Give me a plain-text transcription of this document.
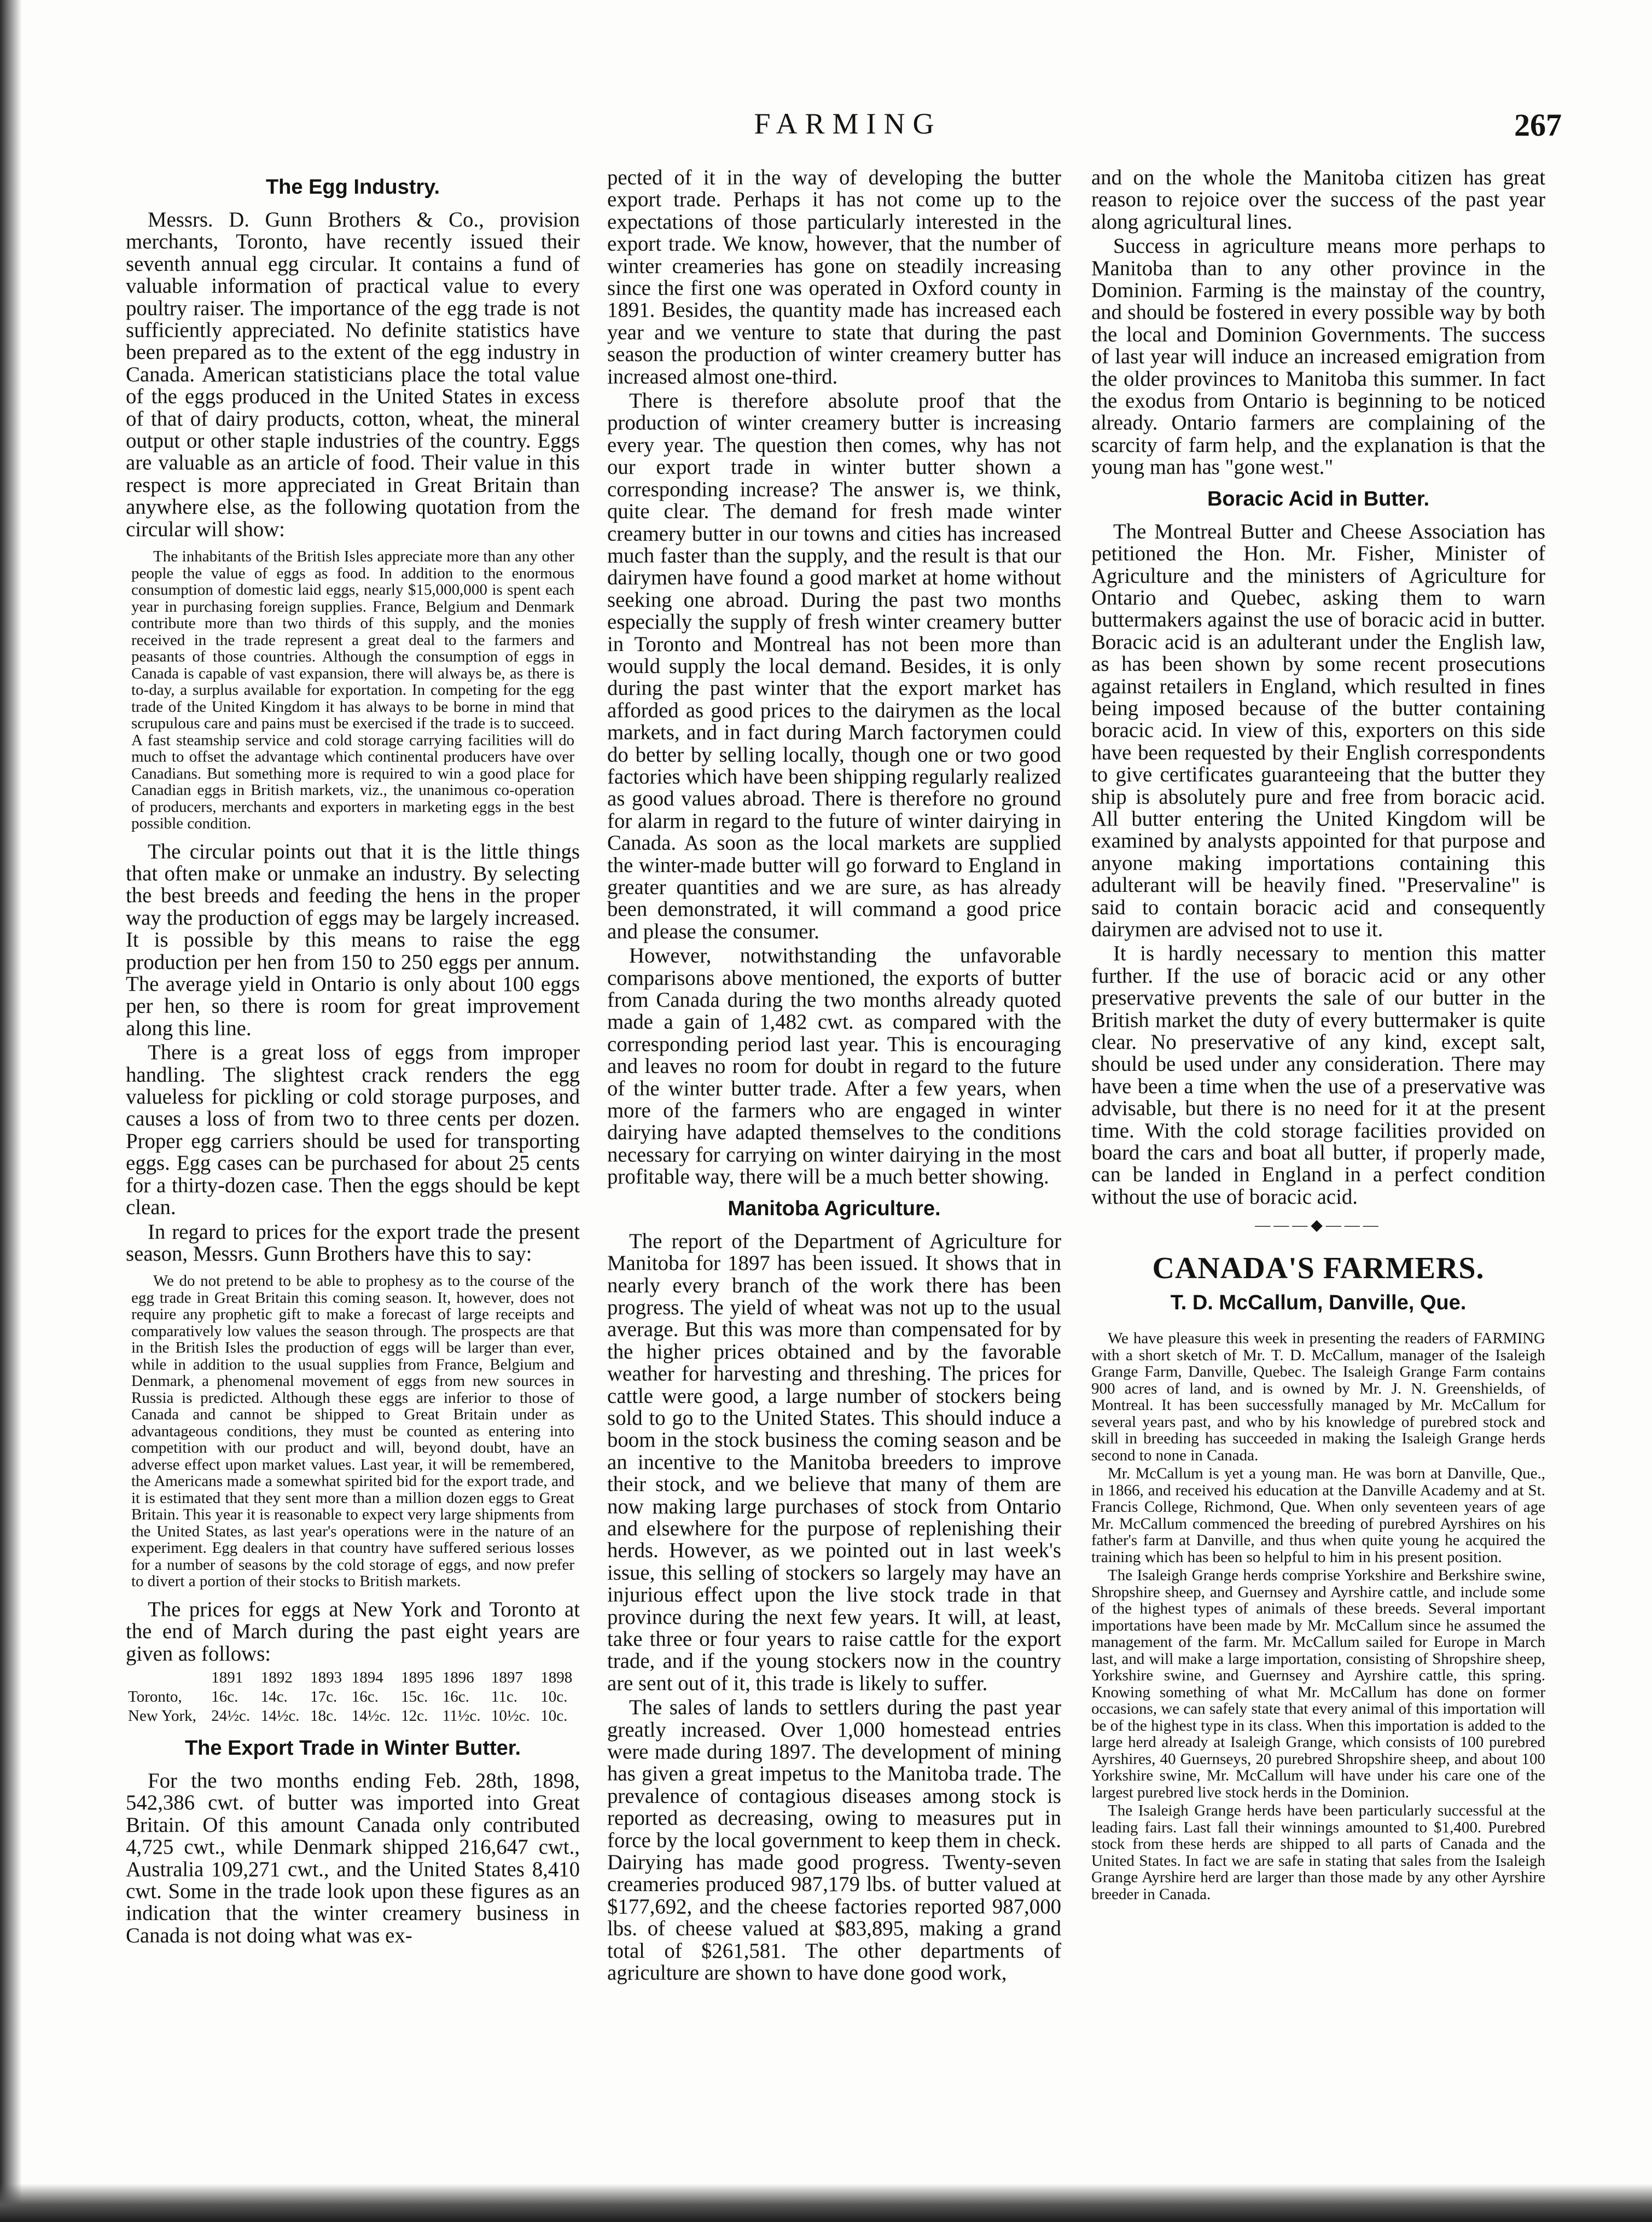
FARMING	267
The Egg Industry.

Messrs. D. Gunn Brothers & Co., provision merchants, Toronto, have recently issued their seventh annual egg circular. It contains a fund of valuable information of practical value to every poultry raiser. The importance of the egg trade is not sufficiently appreciated. No definite statistics have been prepared as to the extent of the egg industry in Canada. American statisticians place the total value of the eggs produced in the United States in excess of that of dairy products, cotton, wheat, the mineral output or other staple industries of the country. Eggs are valuable as an article of food. Their value in this respect is more appreciated in Great Britain than anywhere else, as the following quotation from the circular will show:

The inhabitants of the British Isles appreciate more than any other people the value of eggs as food. In addition to the enormous consumption of domestic laid eggs, nearly $15,000,000 is spent each year in purchasing foreign supplies. France, Belgium and Denmark contribute more than two thirds of this supply, and the monies received in the trade represent a great deal to the farmers and peasants of those countries. Although the consumption of eggs in Canada is capable of vast expansion, there will always be, as there is to-day, a surplus available for exportation. In competing for the egg trade of the United Kingdom it has always to be borne in mind that scrupulous care and pains must be exercised if the trade is to succeed. A fast steamship service and cold storage carrying facilities will do much to offset the advantage which continental producers have over Canadians. But something more is required to win a good place for Canadian eggs in British markets, viz., the unanimous co-operation of producers, merchants and exporters in marketing eggs in the best possible condition.

The circular points out that it is the little things that often make or unmake an industry. By selecting the best breeds and feeding the hens in the proper way the production of eggs may be largely increased. It is possible by this means to raise the egg production per hen from 150 to 250 eggs per annum. The average yield in Ontario is only about 100 eggs per hen, so there is room for great improvement along this line.

There is a great loss of eggs from improper handling. The slightest crack renders the egg valueless for pickling or cold storage purposes, and causes a loss of from two to three cents per dozen. Proper egg carriers should be used for transporting eggs. Egg cases can be purchased for about 25 cents for a thirty-dozen case. Then the eggs should be kept clean.

In regard to prices for the export trade the present season, Messrs. Gunn Brothers have this to say:

We do not pretend to be able to prophesy as to the course of the egg trade in Great Britain this coming season. It, however, does not require any prophetic gift to make a forecast of large receipts and comparatively low values the season through. The prospects are that in the British Isles the production of eggs will be larger than ever, while in addition to the usual supplies from France, Belgium and Denmark, a phenomenal movement of eggs from new sources in Russia is predicted. Although these eggs are inferior to those of Canada and cannot be shipped to Great Britain under as advantageous conditions, they must be counted as entering into competition with our product and will, beyond doubt, have an adverse effect upon market values. Last year, it will be remembered, the Americans made a somewhat spirited bid for the export trade, and it is estimated that they sent more than a million dozen eggs to Great Britain. This year it is reasonable to expect very large shipments from the United States, as last year's operations were in the nature of an experiment. Egg dealers in that country have suffered serious losses for a number of seasons by the cold storage of eggs, and now prefer to divert a portion of their stocks to British markets.

The prices for eggs at New York and Toronto at the end of March during the past eight years are given as follows:

	1891	1892	1893	1894	1895	1896	1897	1898
Toronto,	16c.	14c.	17c.	16c.	15c.	16c.	11c.	10c.
New York,	24½c.	14½c.	18c.	14½c.	12c.	11½c.	10½c.	10c.
The Export Trade in Winter Butter.

For the two months ending Feb. 28th, 1898, 542,386 cwt. of butter was imported into Great Britain. Of this amount Canada only contributed 4,725 cwt., while Denmark shipped 216,647 cwt., Australia 109,271 cwt., and the United States 8,410 cwt. Some in the trade look upon these figures as an indication that the winter creamery business in Canada is not doing what was ex-

pected of it in the way of developing the butter export trade. Perhaps it has not come up to the expectations of those particularly interested in the export trade. We know, however, that the number of winter creameries has gone on steadily increasing since the first one was operated in Oxford county in 1891. Besides, the quantity made has increased each year and we venture to state that during the past season the production of winter creamery butter has increased almost one-third.

There is therefore absolute proof that the production of winter creamery butter is increasing every year. The question then comes, why has not our export trade in winter butter shown a corresponding increase? The answer is, we think, quite clear. The demand for fresh made winter creamery butter in our towns and cities has increased much faster than the supply, and the result is that our dairymen have found a good market at home without seeking one abroad. During the past two months especially the supply of fresh winter creamery butter in Toronto and Montreal has not been more than would supply the local demand. Besides, it is only during the past winter that the export market has afforded as good prices to the dairymen as the local markets, and in fact during March factorymen could do better by selling locally, though one or two good factories which have been shipping regularly realized as good values abroad. There is therefore no ground for alarm in regard to the future of winter dairying in Canada. As soon as the local markets are supplied the winter-made butter will go forward to England in greater quantities and we are sure, as has already been demonstrated, it will command a good price and please the consumer.

However, notwithstanding the unfavorable comparisons above mentioned, the exports of butter from Canada during the two months already quoted made a gain of 1,482 cwt. as compared with the corresponding period last year. This is encouraging and leaves no room for doubt in regard to the future of the winter butter trade. After a few years, when more of the farmers who are engaged in winter dairying have adapted themselves to the conditions necessary for carrying on winter dairying in the most profitable way, there will be a much better showing.

Manitoba Agriculture.

The report of the Department of Agriculture for Manitoba for 1897 has been issued. It shows that in nearly every branch of the work there has been progress. The yield of wheat was not up to the usual average. But this was more than compensated for by the higher prices obtained and by the favorable weather for harvesting and threshing. The prices for cattle were good, a large number of stockers being sold to go to the United States. This should induce a boom in the stock business the coming season and be an incentive to the Manitoba breeders to improve their stock, and we believe that many of them are now making large purchases of stock from Ontario and elsewhere for the purpose of replenishing their herds. However, as we pointed out in last week's issue, this selling of stockers so largely may have an injurious effect upon the live stock trade in that province during the next few years. It will, at least, take three or four years to raise cattle for the export trade, and if the young stockers now in the country are sent out of it, this trade is likely to suffer.

The sales of lands to settlers during the past year greatly increased. Over 1,000 homestead entries were made during 1897. The development of mining has given a great impetus to the Manitoba trade. The prevalence of contagious diseases among stock is reported as decreasing, owing to measures put in force by the local government to keep them in check. Dairying has made good progress. Twenty-seven creameries produced 987,179 lbs. of butter valued at $177,692, and the cheese factories reported 987,000 lbs. of cheese valued at $83,895, making a grand total of $261,581. The other departments of agriculture are shown to have done good work,

and on the whole the Manitoba citizen has great reason to rejoice over the success of the past year along agricultural lines.

Success in agriculture means more perhaps to Manitoba than to any other province in the Dominion. Farming is the mainstay of the country, and should be fostered in every possible way by both the local and Dominion Governments. The success of last year will induce an increased emigration from the older provinces to Manitoba this summer. In fact the exodus from Ontario is beginning to be noticed already. Ontario farmers are complaining of the scarcity of farm help, and the explanation is that the young man has "gone west."

Boracic Acid in Butter.

The Montreal Butter and Cheese Association has petitioned the Hon. Mr. Fisher, Minister of Agriculture and the ministers of Agriculture for Ontario and Quebec, asking them to warn buttermakers against the use of boracic acid in butter. Boracic acid is an adulterant under the English law, as has been shown by some recent prosecutions against retailers in England, which resulted in fines being imposed because of the butter containing boracic acid. In view of this, exporters on this side have been requested by their English correspondents to give certificates guaranteeing that the butter they ship is absolutely pure and free from boracic acid. All butter entering the United Kingdom will be examined by analysts appointed for that purpose and anyone making importations containing this adulterant will be heavily fined. "Preservaline" is said to contain boracic acid and consequently dairymen are advised not to use it.

It is hardly necessary to mention this matter further. If the use of boracic acid or any other preservative prevents the sale of our butter in the British market the duty of every buttermaker is quite clear. No preservative of any kind, except salt, should be used under any consideration. There may have been a time when the use of a preservative was advisable, but there is no need for it at the present time. With the cold storage facilities provided on board the cars and boat all butter, if properly made, can be landed in England in a perfect condition without the use of boracic acid.

———◆———
CANADA'S FARMERS.
T. D. McCallum, Danville, Que.

We have pleasure this week in presenting the readers of FARMING with a short sketch of Mr. T. D. McCallum, manager of the Isaleigh Grange Farm, Danville, Quebec. The Isaleigh Grange Farm contains 900 acres of land, and is owned by Mr. J. N. Greenshields, of Montreal. It has been successfully managed by Mr. McCallum for several years past, and who by his knowledge of purebred stock and skill in breeding has succeeded in making the Isaleigh Grange herds second to none in Canada.

Mr. McCallum is yet a young man. He was born at Danville, Que., in 1866, and received his education at the Danville Academy and at St. Francis College, Richmond, Que. When only seventeen years of age Mr. McCallum commenced the breeding of purebred Ayrshires on his father's farm at Danville, and thus when quite young he acquired the training which has been so helpful to him in his present position.

The Isaleigh Grange herds comprise Yorkshire and Berkshire swine, Shropshire sheep, and Guernsey and Ayrshire cattle, and include some of the highest types of animals of these breeds. Several important importations have been made by Mr. McCallum since he assumed the management of the farm. Mr. McCallum sailed for Europe in March last, and will make a large importation, consisting of Shropshire sheep, Yorkshire swine, and Guernsey and Ayrshire cattle, this spring. Knowing something of what Mr. McCallum has done on former occasions, we can safely state that every animal of this importation will be of the highest type in its class. When this importation is added to the large herd already at Isaleigh Grange, which consists of 100 purebred Ayrshires, 40 Guernseys, 20 purebred Shropshire sheep, and about 100 Yorkshire swine, Mr. McCallum will have under his care one of the largest purebred live stock herds in the Dominion.

The Isaleigh Grange herds have been particularly successful at the leading fairs. Last fall their winnings amounted to $1,400. Purebred stock from these herds are shipped to all parts of Canada and the United States. In fact we are safe in stating that sales from the Isaleigh Grange Ayrshire herd are larger than those made by any other Ayrshire breeder in Canada.
